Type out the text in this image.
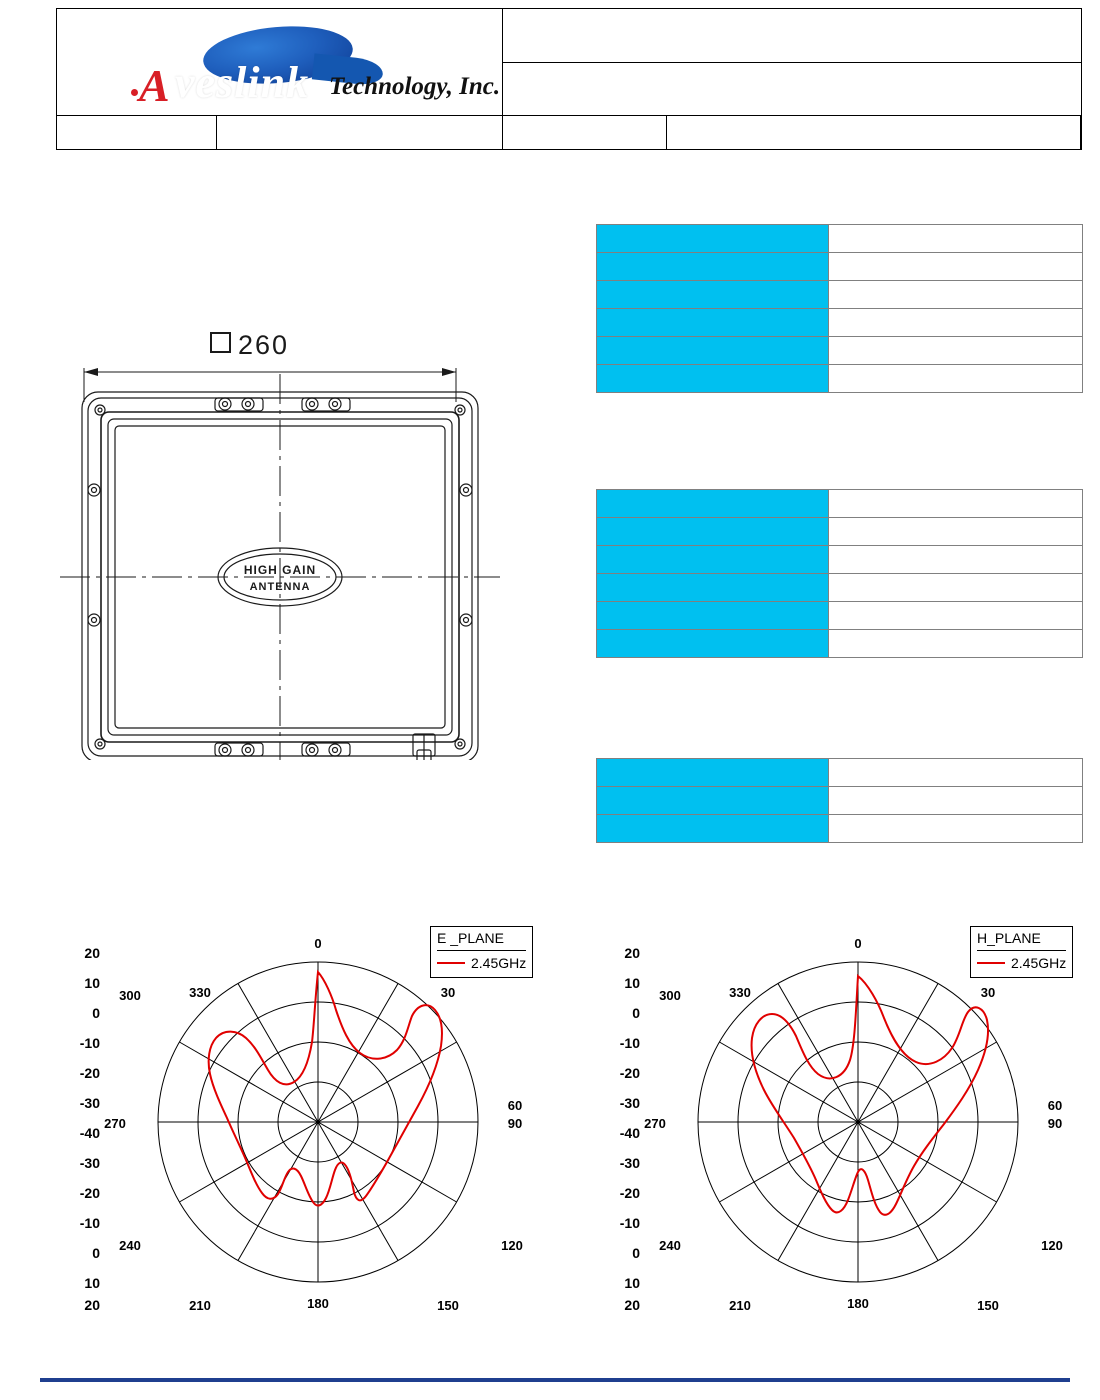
A veslink Technology, Inc.
260
HIGH GAIN
ANTENNA

E _PLANE
2.45GHz
0
30
60
90
120
150
180
210
240
270
300	330
20
10
0
-10
-20
-30
-40
-30
-20
-10
0
10
20
H_PLANE
2.45GHz
0
30
60
90
120
150
180
210
240
270
300	330
20
10
0
-10
-20
-30
-40
-30
-20
-10
0
10
20
